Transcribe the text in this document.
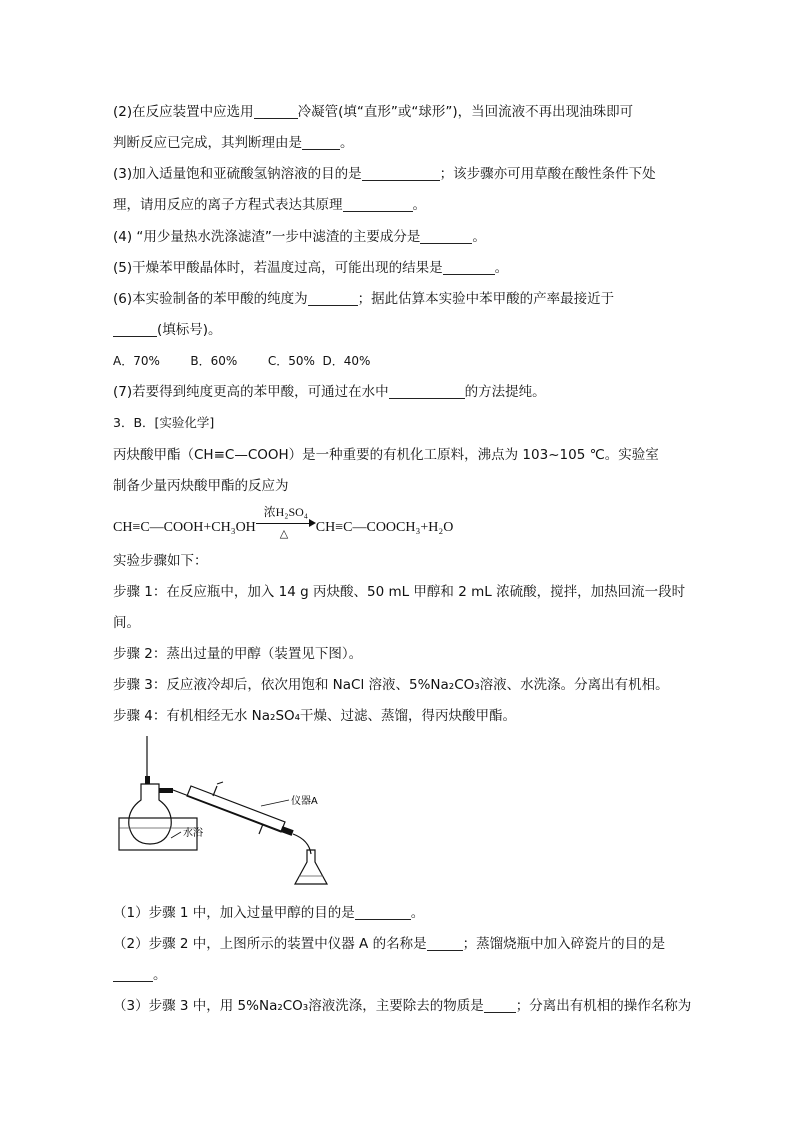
(2)在反应装置中应选用	冷凝管(填“直形”或“球形”)，当回流液不再出现油珠即可
判断反应已完成，其判断理由是	。
(3)加入适量饱和亚硫酸氢钠溶液的目的是	；该步骤亦可用草酸在酸性条件下处
理，请用反应的离子方程式表达其原理	。
(4) “用少量热水洗涤滤渣”一步中滤渣的主要成分是	。
(5)干燥苯甲酸晶体时，若温度过高，可能出现的结果是	。
(6)本实验制备的苯甲酸的纯度为	；据此估算本实验中苯甲酸的产率最接近于
(填标号)。
A．70%        B．60%        C．50%  D．40%
(7)若要得到纯度更高的苯甲酸，可通过在水中	的方法提纯。
3．B．[实验化学]
丙炔酸甲酯（CH≡C—COOH）是一种重要的有机化工原料，沸点为 103~105 ℃。实验室
制备少量丙炔酸甲酯的反应为
CH≡C—COOH+CH₃OH
浓H₂SO₄
△ CH≡C—COOCH₃+H₂O
实验步骤如下：
步骤 1：在反应瓶中，加入 14 g 丙炔酸、50 mL 甲醇和 2 mL 浓硫酸，搅拌，加热回流一段时
间。
步骤 2：蒸出过量的甲醇（装置见下图）。
步骤 3：反应液冷却后，依次用饱和 NaCl 溶液、5%Na₂CO₃溶液、水洗涤。分离出有机相。
步骤 4：有机相经无水 Na₂SO₄干燥、过滤、蒸馏，得丙炔酸甲酯。
仪器A
水浴
（1）步骤 1 中，加入过量甲醇的目的是	。
（2）步骤 2 中，上图所示的装置中仪器 A 的名称是	；蒸馏烧瓶中加入碎瓷片的目的是
。
（3）步骤 3 中，用 5%Na₂CO₃溶液洗涤，主要除去的物质是 ；分离出有机相的操作名称为
